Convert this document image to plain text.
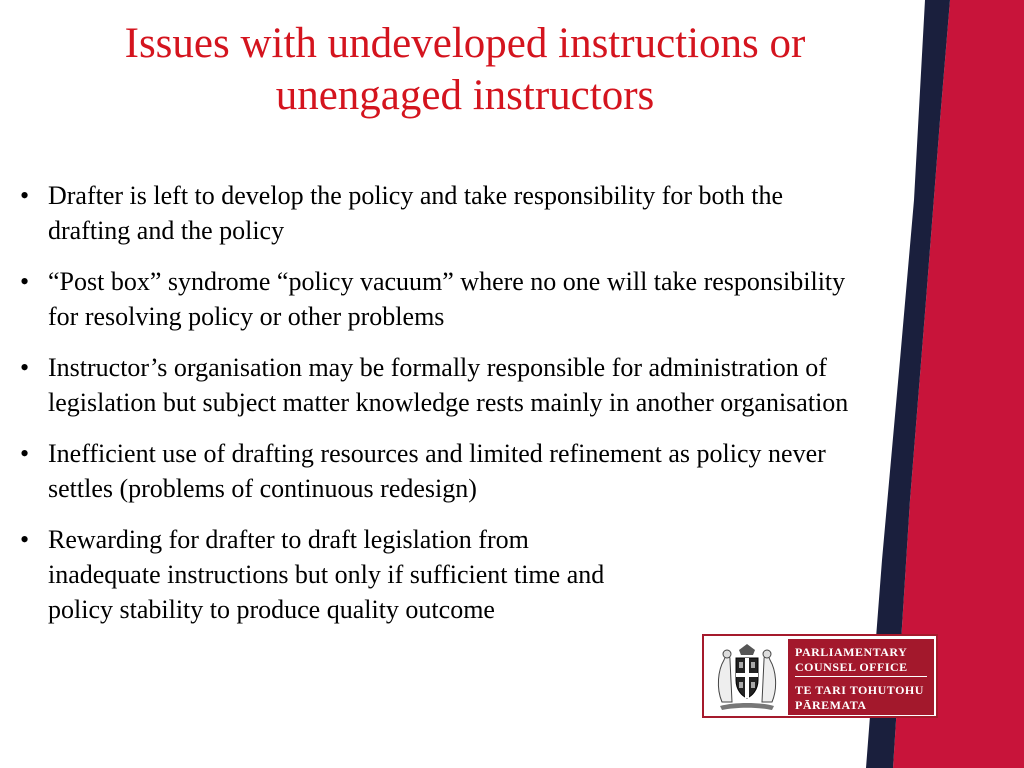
Issues with undeveloped instructions or unengaged instructors
• Drafter is left to develop the policy and take responsibility for both the drafting and the policy
• “Post box” syndrome “policy vacuum” where no one will take responsibility for resolving policy or other problems
• Instructor’s organisation may be formally responsible for administration of legislation but subject matter knowledge rests mainly in another organisation
• Inefficient use of drafting resources and limited refinement as policy never settles (problems of continuous redesign)
• Rewarding for drafter to draft legislation from inadequate instructions but only if sufficient time and policy stability to produce quality outcome
PARLIAMENTARY
COUNSEL OFFICE
TE TARI TOHUTOHU
PĀREMATA
